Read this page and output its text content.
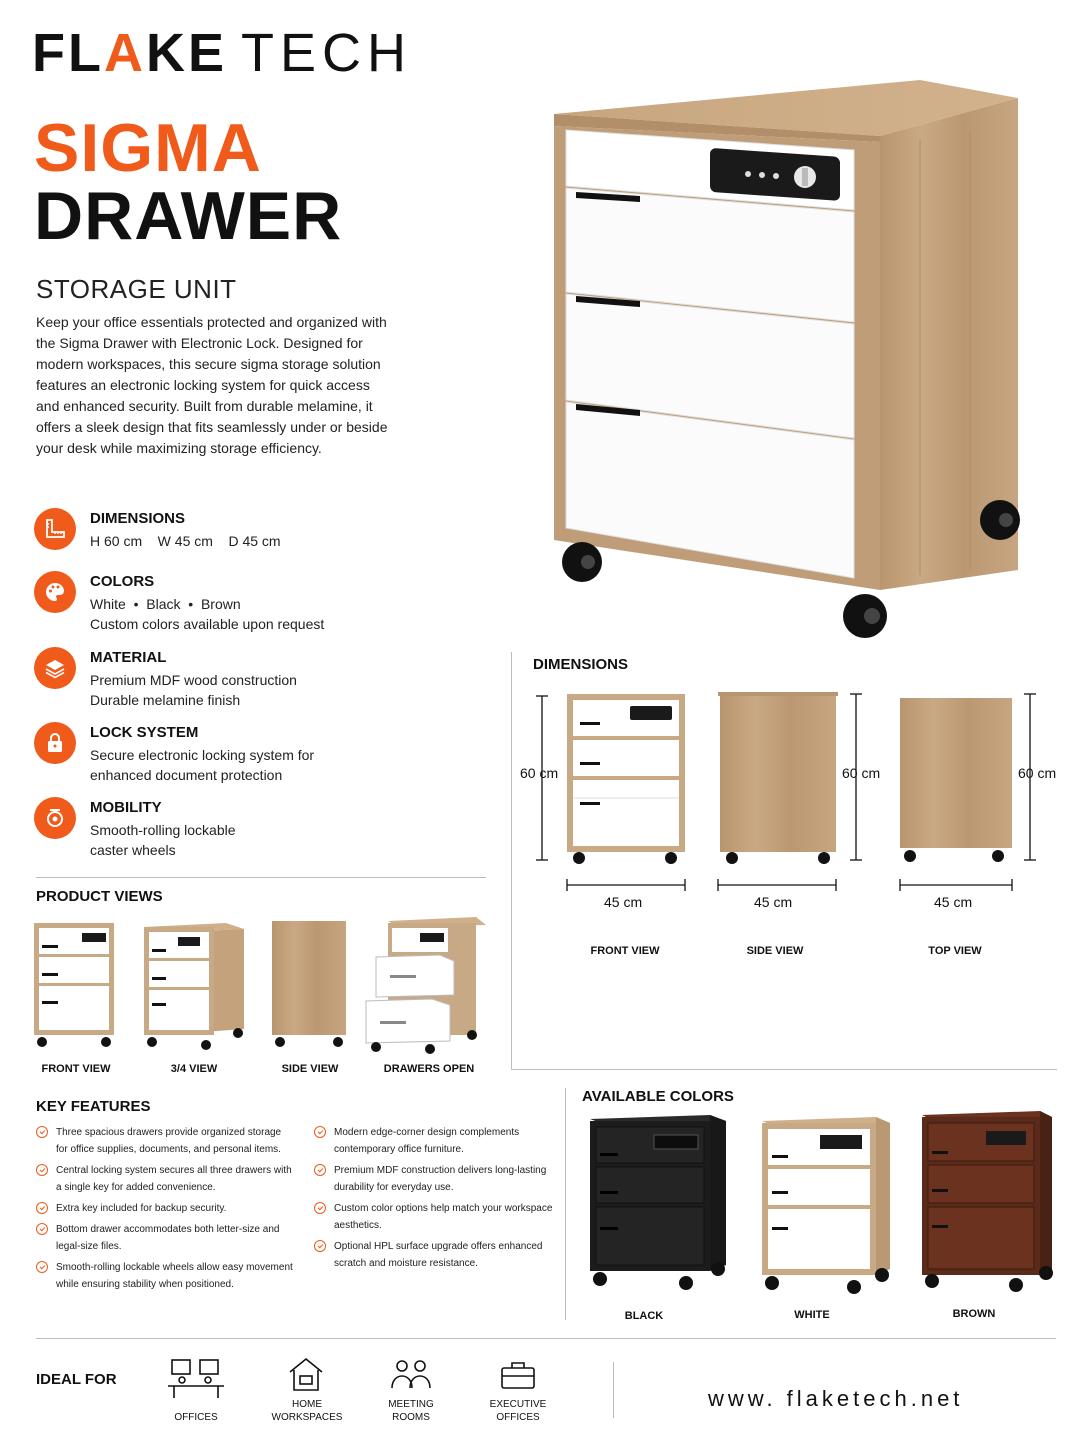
FL A KE TECH
SIGMA
DRAWER
STORAGE UNIT
Keep your office essentials protected and organized with the Sigma Drawer with Electronic Lock. Designed for modern workspaces, this secure sigma storage solution features an electronic locking system for quick access and enhanced security. Built from durable melamine, it offers a sleek design that fits seamlessly under or beside your desk while maximizing storage efficiency.
DIMENSIONS
H 60 cm    W 45 cm    D 45 cm
COLORS
White  •  Black  •  Brown
Custom colors available upon request
MATERIAL
Premium MDF wood construction
Durable melamine finish
LOCK SYSTEM
Secure electronic locking system for
enhanced document protection
MOBILITY
Smooth-rolling lockable
caster wheels
DIMENSIONS
60 cm	60 cm	60 cm
45 cm	45 cm	45 cm
FRONT VIEW	SIDE VIEW	TOP VIEW
PRODUCT VIEWS
FRONT VIEW	3/4 VIEW	SIDE VIEW	DRAWERS OPEN
KEY FEATURES
Three spacious drawers provide organized storage for office supplies, documents, and personal items.
Central locking system secures all three drawers with a single key for added convenience.
Extra key included for backup security.
Bottom drawer accommodates both letter-size and legal-size files.
Smooth-rolling lockable wheels allow easy movement while ensuring stability when positioned.
Modern edge-corner design complements contemporary office furniture.
Premium MDF construction delivers long-lasting durability for everyday use.
Custom color options help match your workspace aesthetics.
Optional HPL surface upgrade offers enhanced scratch and moisture resistance.
AVAILABLE COLORS
BLACK	WHITE	BROWN
IDEAL FOR
OFFICES
HOME
WORKSPACES
MEETING
ROOMS
EXECUTIVE
OFFICES
www. flaketech.net
